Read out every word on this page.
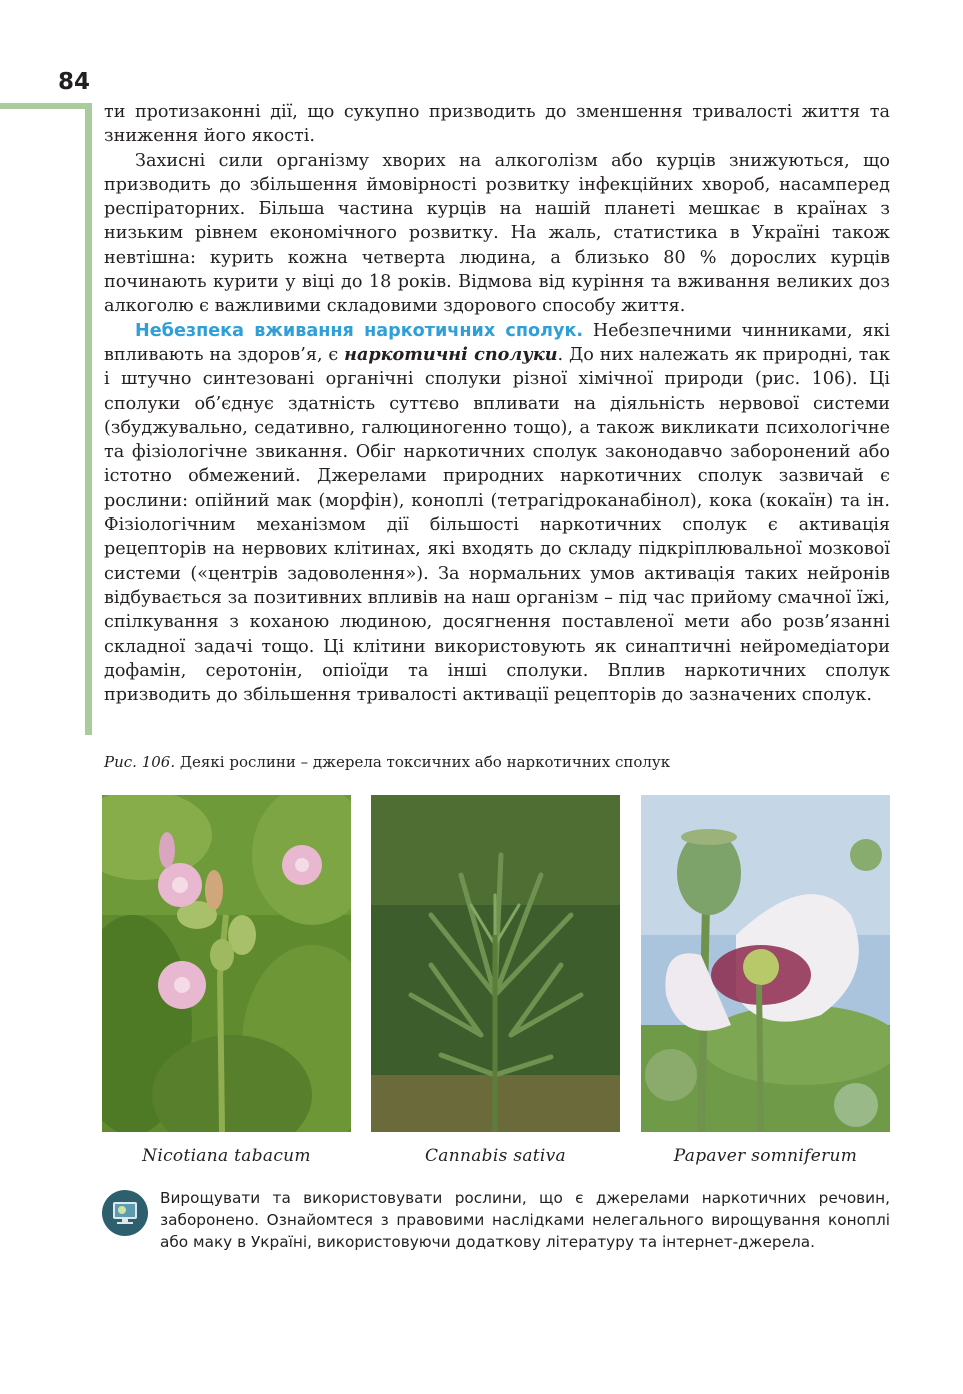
84

ти протизаконні дії, що сукупно призводить до зменшення тривалості життя та зниження його якості.

Захисні сили організму хворих на алкоголізм або курців знижуються, що призводить до збільшення ймовірності розвитку інфекційних хвороб, насамперед респіраторних. Більша частина курців на нашій планеті мешкає в країнах з низьким рівнем економічного розвитку. На жаль, статистика в Україні також невтішна: курить кожна четверта людина, а близько 80 % дорослих курців починають курити у віці до 18 років. Відмова від куріння та вживання великих доз алкоголю є важливими складовими здорового способу життя.

Небезпека вживання наркотичних сполук. Небезпечними чинниками, які впливають на здоров’я, є наркотичні сполуки. До них належать як природні, так і штучно синтезовані органічні сполуки різної хімічної природи (рис. 106). Ці сполуки об’єднує здатність суттєво впливати на діяльність нервової системи (збуджувально, седативно, галюциногенно тощо), а також викликати психологічне та фізіологічне звикання. Обіг наркотичних сполук законодавчо заборонений або істотно обмежений. Джерелами природних наркотичних сполук зазвичай є рослини: опійний мак (морфін), коноплі (тетрагідроканабінол), кока (кокаїн) та ін. Фізіологічним механізмом дії більшості наркотичних сполук є активація рецепторів на нервових клітинах, які входять до складу підкріплювальної мозкової системи («центрів задоволення»). За нормальних умов активація таких нейронів відбувається за позитивних впливів на наш організм – під час прийому смачної їжі, спілкування з коханою людиною, досягнення поставленої мети або розв’язанні складної задачі тощо. Ці клітини використовують як синаптичні нейромедіатори дофамін, серотонін, опіоїди та інші сполуки. Вплив наркотичних сполук призводить до збільшення тривалості активації рецепторів до зазначених сполук.

Рис. 106. Деякі рослини – джерела токсичних або наркотичних сполук
Nicotiana tabacum	Cannabis sativa	Papaver somniferum
Вирощувати та використовувати рослини, що є джерелами наркотичних речовин, заборонено. Ознайомтеся з правовими наслідками нелегального вирощування коноплі або маку в Україні, використовуючи додаткову літературу та інтернет-джерела.
